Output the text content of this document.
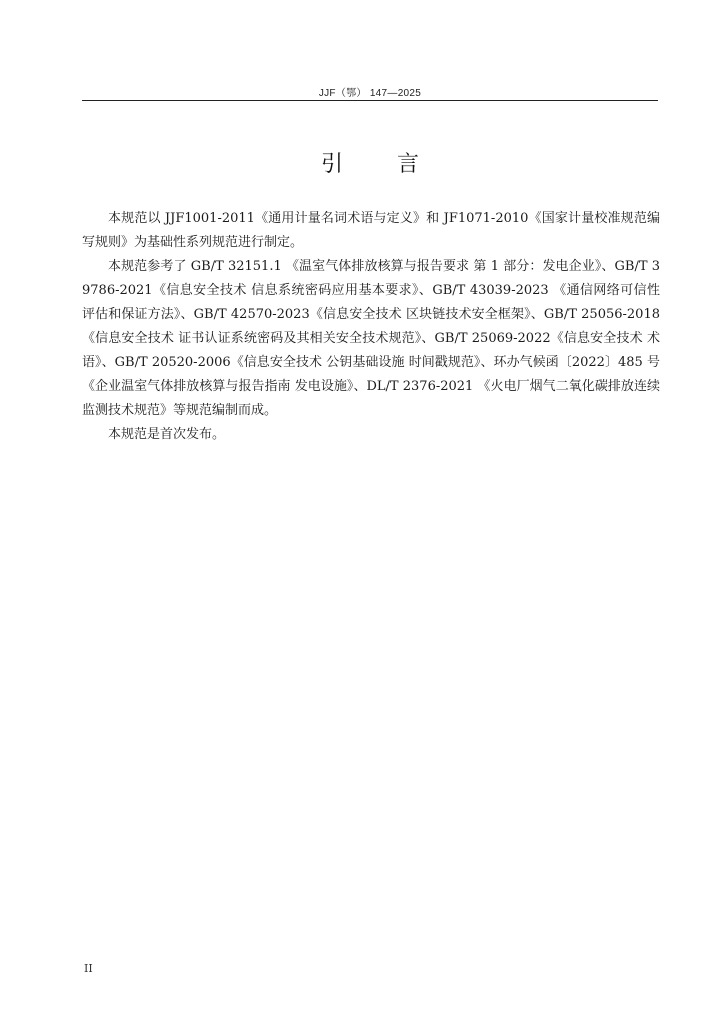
JJF（鄂） 147—2025
引言

本规范以 JJF1001-2011《通用计量名词术语与定义》和 JF1071-2010《国家计量校准规范编写规则》为基础性系列规范进行制定。

本规范参考了 GB/T 32151.1 《温室气体排放核算与报告要求 第 1 部分：发电企业》、GB/T 39786-2021《信息安全技术 信息系统密码应用基本要求》、GB/T 43039-2023 《通信网络可信性评估和保证方法》、GB/T 42570-2023《信息安全技术 区块链技术安全框架》、GB/T 25056-2018《信息安全技术 证书认证系统密码及其相关安全技术规范》、GB/T 25069-2022《信息安全技术 术语》、GB/T 20520-2006《信息安全技术 公钥基础设施 时间戳规范》、环办气候函〔2022〕485 号《企业温室气体排放核算与报告指南 发电设施》、DL/T 2376-2021 《火电厂烟气二氧化碳排放连续监测技术规范》等规范编制而成。

本规范是首次发布。

II
